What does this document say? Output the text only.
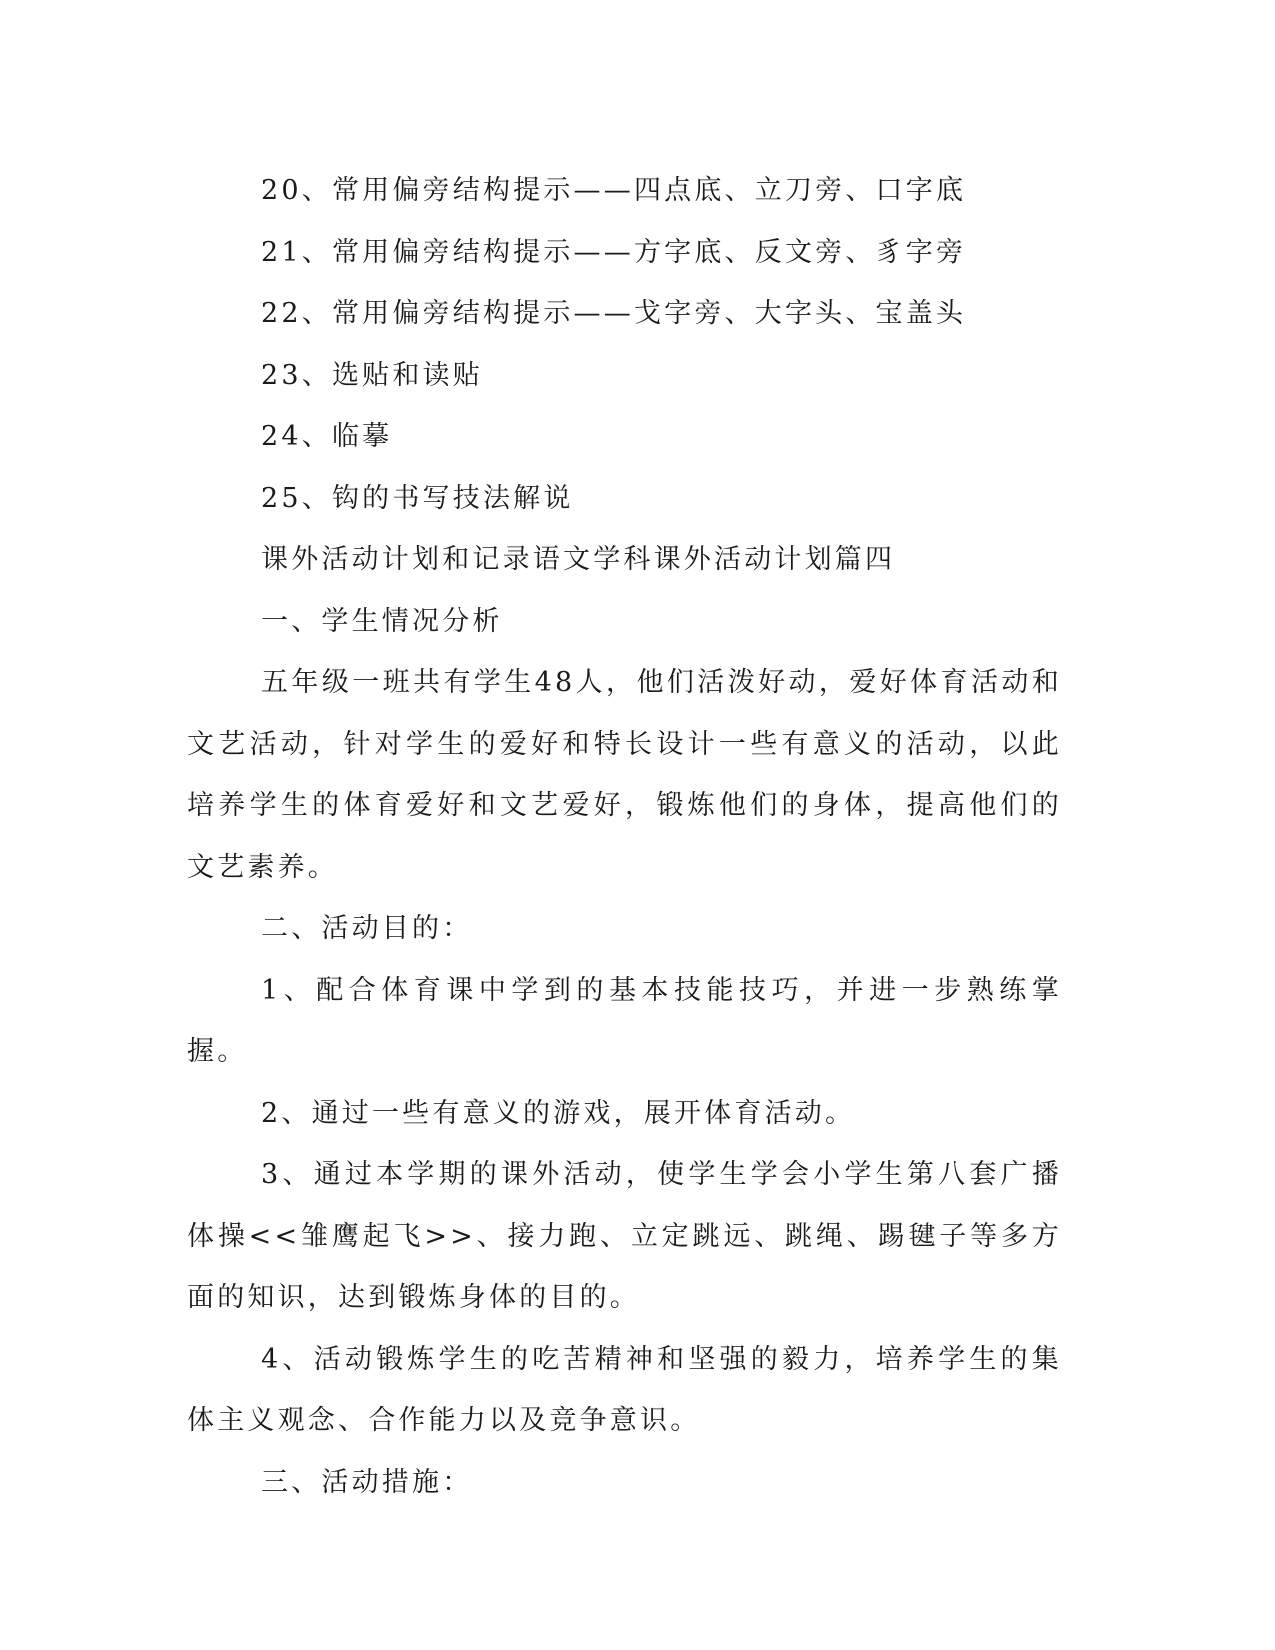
20、常用偏旁结构提示——四点底、立刀旁、口字底

21、常用偏旁结构提示——方字底、反文旁、豸字旁

22、常用偏旁结构提示——戈字旁、大字头、宝盖头

23、选贴和读贴

24、临摹

25、钩的书写技法解说

课外活动计划和记录语文学科课外活动计划篇四

一、学生情况分析

五年级一班共有学生48人，他们活泼好动，爱好体育活动和文艺活动，针对学生的爱好和特长设计一些有意义的活动，以此培养学生的体育爱好和文艺爱好，锻炼他们的身体，提高他们的文艺素养。

二、活动目的：

1、配合体育课中学到的基本技能技巧，并进一步熟练掌握。

2、通过一些有意义的游戏，展开体育活动。

3、通过本学期的课外活动，使学生学会小学生第八套广播体操<<雏鹰起飞>>、接力跑、立定跳远、跳绳、踢毽子等多方面的知识，达到锻炼身体的目的。

4、活动锻炼学生的吃苦精神和坚强的毅力，培养学生的集体主义观念、合作能力以及竞争意识。

三、活动措施：
